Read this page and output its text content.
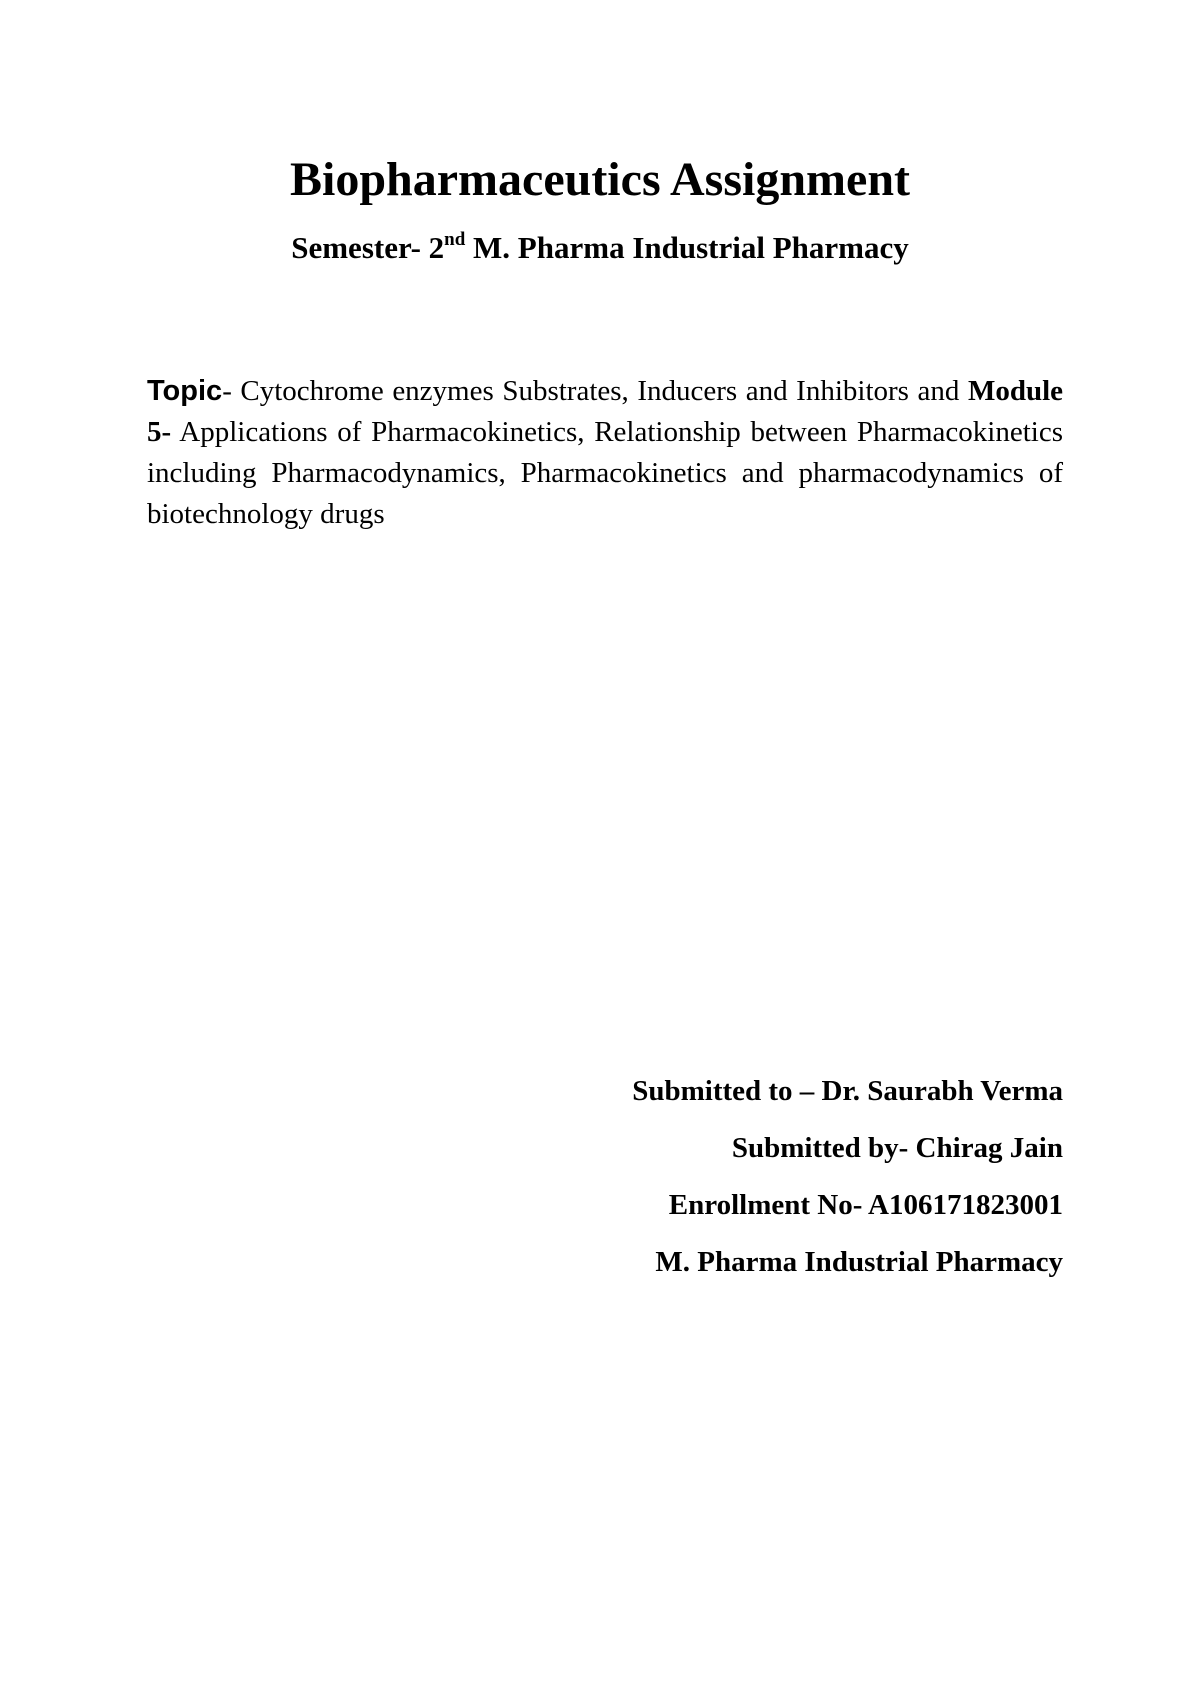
Biopharmaceutics Assignment
Semester- 2nd M. Pharma Industrial Pharmacy

Topic- Cytochrome enzymes Substrates, Inducers and Inhibitors and Module 5- Applications of Pharmacokinetics, Relationship between Pharmacokinetics including Pharmacodynamics, Pharmacokinetics and pharmacodynamics of biotechnology drugs

Submitted to – Dr. Saurabh Verma
Submitted by- Chirag Jain
Enrollment No- A106171823001
M. Pharma Industrial Pharmacy
